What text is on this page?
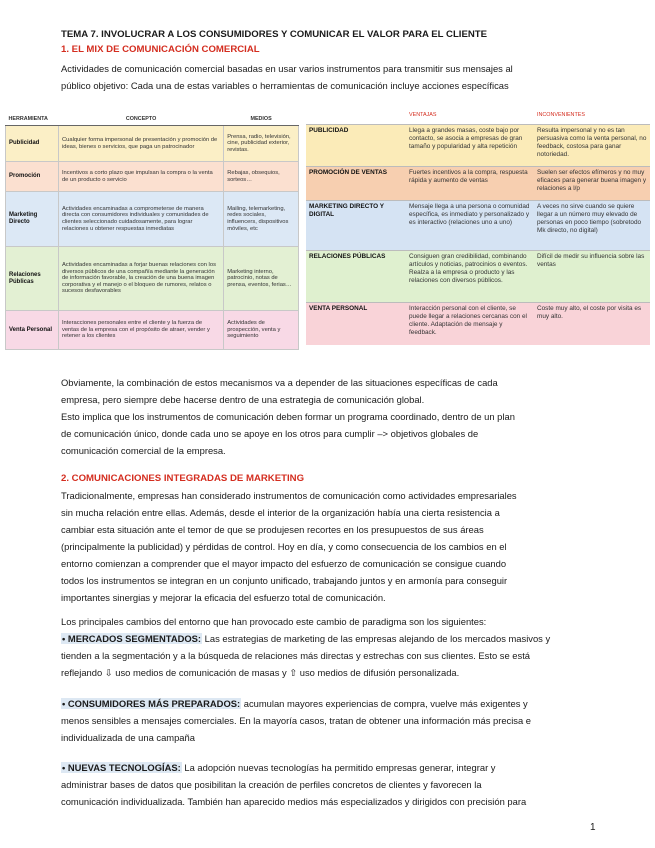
TEMA 7. INVOLUCRAR A LOS CONSUMIDORES Y COMUNICAR EL VALOR PARA EL CLIENTE
1. EL MIX DE COMUNICACIÓN COMERCIAL
Actividades de comunicación comercial basadas en usar varios instrumentos para transmitir sus mensajes al
público objetivo: Cada una de estas variables o herramientas de comunicación incluye acciones específicas
HERRAMIENTA	CONCEPTO	MEDIOS
Publicidad	Cualquier forma impersonal de presentación y promoción de ideas, bienes o servicios, que paga un patrocinador	Prensa, radio, televisión, cine, publicidad exterior, revistas.
Promoción	Incentivos a corto plazo que impulsan la compra o la venta de un producto o servicio	Rebajas, obsequios, sorteos…
Marketing Directo	Actividades encaminadas a comprometerse de manera directa con consumidores individuales y comunidades de clientes seleccionado cuidadosamente, para lograr relaciones u obtener respuestas inmediatas	Mailing, telemarketing, redes sociales, influencers, dispositivos móviles, etc
Relaciones Públicas	Actividades encaminadas a forjar buenas relaciones con los diversos públicos de una compañía mediante la generación de información favorable, la creación de una buena imagen corporativa y el manejo o el bloqueo de rumores, relatos o sucesos desfavorables	Marketing interno, patrocinio, notas de prensa, eventos, ferias…
Venta Personal	Interacciones personales entre el cliente y la fuerza de ventas de la empresa con el propósito de atraer, vender y retener a los clientes	Actividades de prospección, venta y seguimiento
	VENTAJAS	INCONVENIENTES
PUBLICIDAD	Llega a grandes masas, coste bajo por contacto, se asocia a empresas de gran tamaño y popularidad y alta repetición	Resulta impersonal y no es tan persuasiva como la venta personal, no feedback, costosa para ganar notoriedad.
PROMOCIÓN DE VENTAS	Fuertes incentivos a la compra, respuesta rápida y aumento de ventas	Suelen ser efectos efímeros y no muy eficaces para generar buena imagen y relaciones a l/p
MARKETING DIRECTO Y DIGITAL	Mensaje llega a una persona o comunidad específica, es inmediato y personalizado y es interactivo (relaciones uno a uno)	A veces no sirve cuando se quiere llegar a un número muy elevado de personas en poco tiempo (sobretodo Mk directo, no digital)
RELACIONES PÚBLICAS	Consiguen gran credibilidad, combinando artículos y noticias, patrocinios o eventos. Realza a la empresa o producto y las relaciones con diversos públicos.	Difícil de medir su influencia sobre las ventas
VENTA PERSONAL	Interacción personal con el cliente, se puede llegar a relaciones cercanas con el cliente. Adaptación de mensaje y feedback.	Coste muy alto, el coste por visita es muy alto.
Obviamente, la combinación de estos mecanismos va a depender de las situaciones específicas de cada
empresa, pero siempre debe hacerse dentro de una estrategia de comunicación global.
Esto implica que los instrumentos de comunicación deben formar un programa coordinado, dentro de un plan
de comunicación único, donde cada uno se apoye en los otros para cumplir –> objetivos globales de
comunicación comercial de la empresa.
2. COMUNICACIONES INTEGRADAS DE MARKETING
Tradicionalmente, empresas han considerado instrumentos de comunicación como actividades empresariales
sin mucha relación entre ellas. Además, desde el interior de la organización había una cierta resistencia a
cambiar esta situación ante el temor de que se produjesen recortes en los presupuestos de sus áreas
(principalmente la publicidad) y pérdidas de control. Hoy en día, y como consecuencia de los cambios en el
entorno comienzan a comprender que el mayor impacto del esfuerzo de comunicación se consigue cuando
todos los instrumentos se integran en un conjunto unificado, trabajando juntos y en armonía para conseguir
importantes sinergias y mejorar la eficacia del esfuerzo total de comunicación.
Los principales cambios del entorno que han provocado este cambio de paradigma son los siguientes:
• MERCADOS SEGMENTADOS: Las estrategias de marketing de las empresas alejando de los mercados masivos y
tienden a la segmentación y a la búsqueda de relaciones más directas y estrechas con sus clientes. Esto se está
reflejando ⇩ uso medios de comunicación de masas y ⇧ uso medios de difusión personalizada.
• CONSUMIDORES MÁS PREPARADOS: acumulan mayores experiencias de compra, vuelve más exigentes y
menos sensibles a mensajes comerciales. En la mayoría casos, tratan de obtener una información más precisa e
individualizada de una campaña
• NUEVAS TECNOLOGÍAS: La adopción nuevas tecnologías ha permitido empresas generar, integrar y
administrar bases de datos que posibilitan la creación de perfiles concretos de clientes y favorecen la
comunicación individualizada. También han aparecido medios más especializados y dirigidos con precisión para
1
